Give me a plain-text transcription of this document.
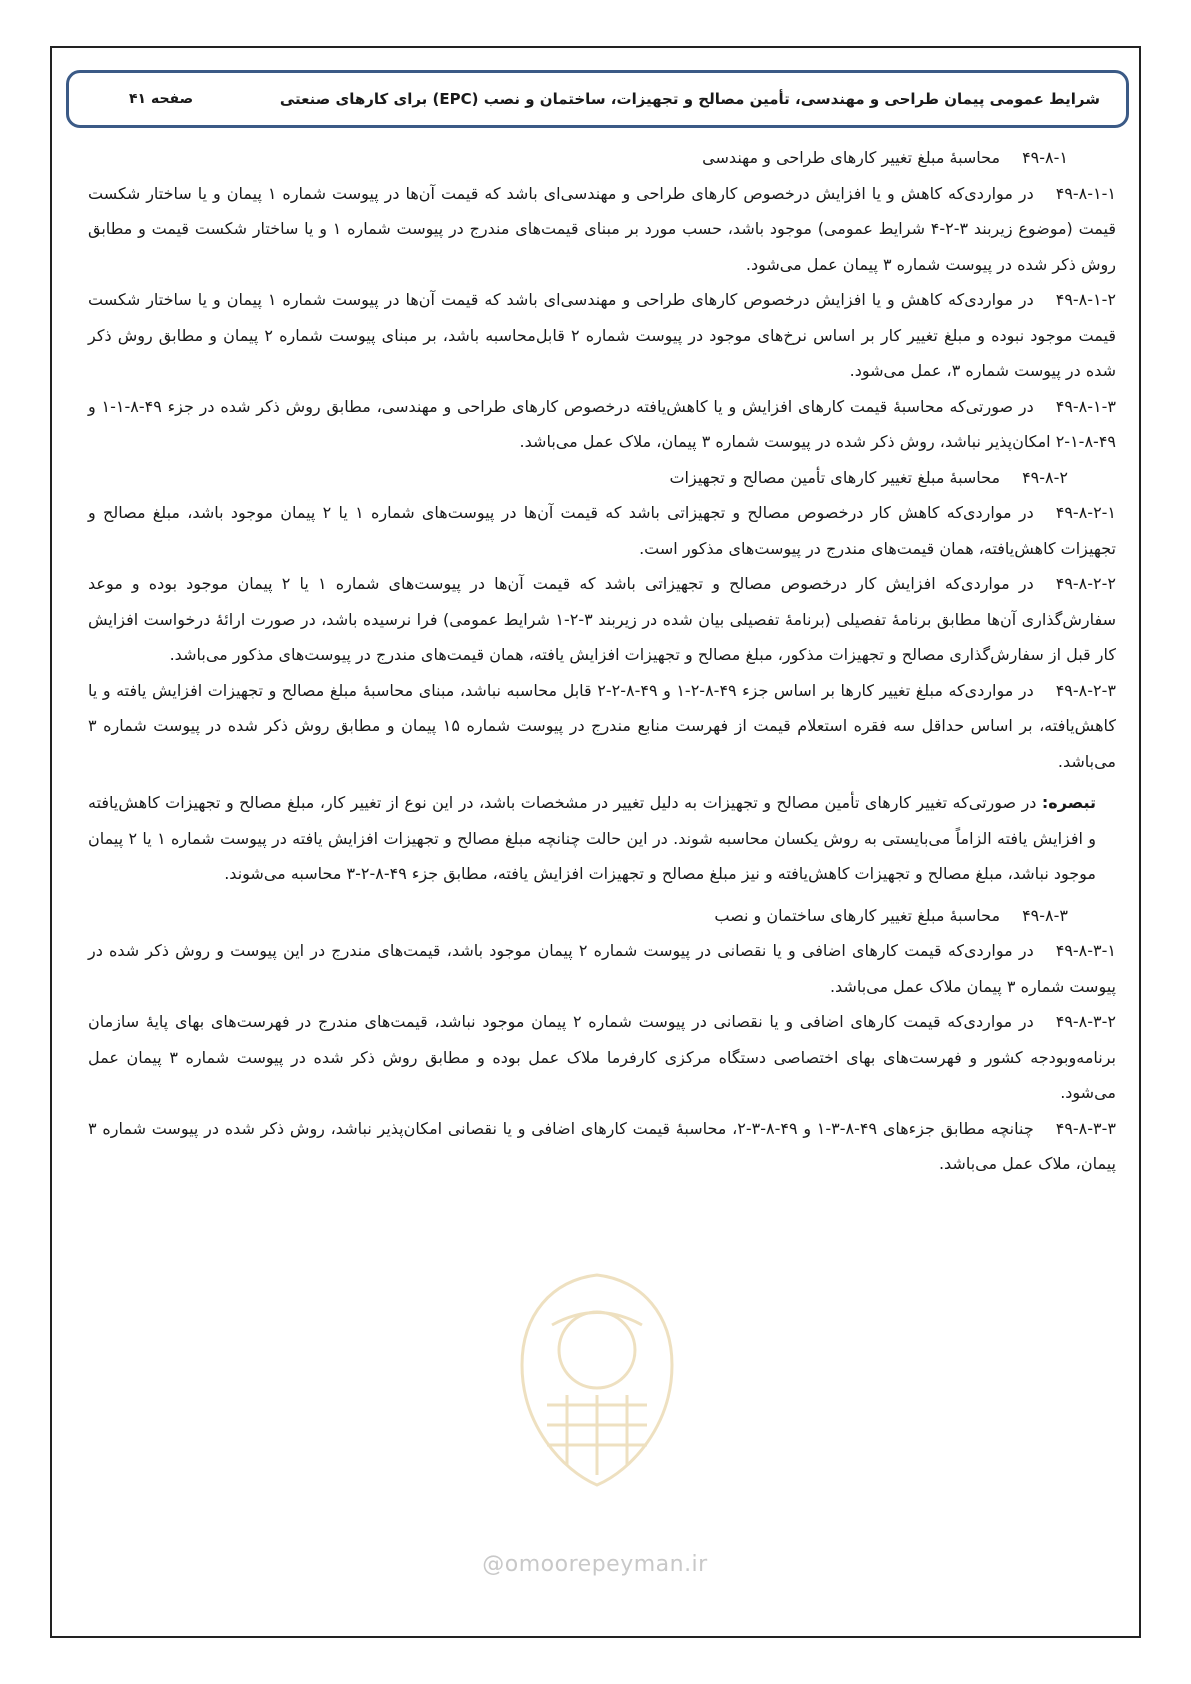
شرایط عمومی پیمان طراحی و مهندسی، تأمین مصالح و تجهیزات، ساختمان و نصب (EPC) برای کارهای صنعتی
صفحه ۴۱

۴۹-۸-۱محاسبۀ مبلغ تغییر کارهای طراحی و مهندسی

۴۹-۸-۱-۱در مواردی‌که کاهش و یا افزایش درخصوص کارهای طراحی و مهندسی‌ای باشد که قیمت آن‌ها در پیوست شماره ۱ پیمان و یا ساختار شکست قیمت (موضوع زیربند ۳-۲-۴ شرایط عمومی) موجود باشد، حسب مورد بر مبنای قیمت‌های مندرج در پیوست شماره ۱ و یا ساختار شکست قیمت و مطابق روش ذکر شده در پیوست شماره ۳ پیمان عمل می‌شود.

۴۹-۸-۱-۲در مواردی‌که کاهش و یا افزایش درخصوص کارهای طراحی و مهندسی‌ای باشد که قیمت آن‌ها در پیوست شماره ۱ پیمان و یا ساختار شکست قیمت موجود نبوده و مبلغ تغییر کار بر اساس نرخ‌های موجود در پیوست شماره ۲ قابل‌محاسبه باشد، بر مبنای پیوست شماره ۲ پیمان و مطابق روش ذکر شده در پیوست شماره ۳، عمل می‌شود.

۴۹-۸-۱-۳در صورتی‌که محاسبۀ قیمت کارهای افزایش و یا کاهش‌یافته درخصوص کارهای طراحی و مهندسی، مطابق روش ذکر شده در جزء ۴۹-۸-۱-۱ و ۴۹-۸-۱-۲ امکان‌پذیر نباشد، روش ذکر شده در پیوست شماره ۳ پیمان، ملاک عمل می‌باشد.

۴۹-۸-۲محاسبۀ مبلغ تغییر کارهای تأمین مصالح و تجهیزات

۴۹-۸-۲-۱در مواردی‌که کاهش کار درخصوص مصالح و تجهیزاتی باشد که قیمت آن‌ها در پیوست‌های شماره ۱ یا ۲ پیمان موجود باشد، مبلغ مصالح و تجهیزات کاهش‌یافته، همان قیمت‌های مندرج در پیوست‌های مذکور است.

۴۹-۸-۲-۲در مواردی‌که افزایش کار درخصوص مصالح و تجهیزاتی باشد که قیمت آن‌ها در پیوست‌های شماره ۱ یا ۲ پیمان موجود بوده و موعد سفارش‌گذاری آن‌ها مطابق برنامۀ تفصیلی (برنامۀ تفصیلی بیان شده در زیربند ۳-۲-۱ شرایط عمومی) فرا نرسیده باشد، در صورت ارائۀ درخواست افزایش کار قبل از سفارش‌گذاری مصالح و تجهیزات مذکور، مبلغ مصالح و تجهیزات افزایش یافته، همان قیمت‌های مندرج در پیوست‌های مذکور می‌باشد.

۴۹-۸-۲-۳در مواردی‌که مبلغ تغییر کارها بر اساس جزء ۴۹-۸-۲-۱ و ۴۹-۸-۲-۲ قابل محاسبه نباشد، مبنای محاسبۀ مبلغ مصالح و تجهیزات افزایش یافته و یا کاهش‌یافته، بر اساس حداقل سه فقره استعلام قیمت از فهرست منابع مندرج در پیوست شماره ۱۵ پیمان و مطابق روش ذکر شده در پیوست شماره ۳ می‌باشد.

تبصره: در صورتی‌که تغییر کارهای تأمین مصالح و تجهیزات به دلیل تغییر در مشخصات باشد، در این نوع از تغییر کار، مبلغ مصالح و تجهیزات کاهش‌یافته و افزایش یافته الزاماً می‌بایستی به روش یکسان محاسبه شوند. در این حالت چنانچه مبلغ مصالح و تجهیزات افزایش یافته در پیوست شماره ۱ یا ۲ پیمان موجود نباشد، مبلغ مصالح و تجهیزات کاهش‌یافته و نیز مبلغ مصالح و تجهیزات افزایش یافته، مطابق جزء ۴۹-۸-۲-۳ محاسبه می‌شوند.

۴۹-۸-۳محاسبۀ مبلغ تغییر کارهای ساختمان و نصب

۴۹-۸-۳-۱در مواردی‌که قیمت کارهای اضافی و یا نقصانی در پیوست شماره ۲ پیمان موجود باشد، قیمت‌های مندرج در این پیوست و روش ذکر شده در پیوست شماره ۳ پیمان ملاک عمل می‌باشد.

۴۹-۸-۳-۲در مواردی‌که قیمت کارهای اضافی و یا نقصانی در پیوست شماره ۲ پیمان موجود نباشد، قیمت‌های مندرج در فهرست‌های بهای پایۀ سازمان برنامه‌وبودجه کشور و فهرست‌های بهای اختصاصی دستگاه مرکزی کارفرما ملاک عمل بوده و مطابق روش ذکر شده در پیوست شماره ۳ پیمان عمل می‌شود.

۴۹-۸-۳-۳چنانچه مطابق جزء‌های ۴۹-۸-۳-۱ و ۴۹-۸-۳-۲، محاسبۀ قیمت کارهای اضافی و یا نقصانی امکان‌پذیر نباشد، روش ذکر شده در پیوست شماره ۳ پیمان، ملاک عمل می‌باشد.

@omoorepeyman.ir
